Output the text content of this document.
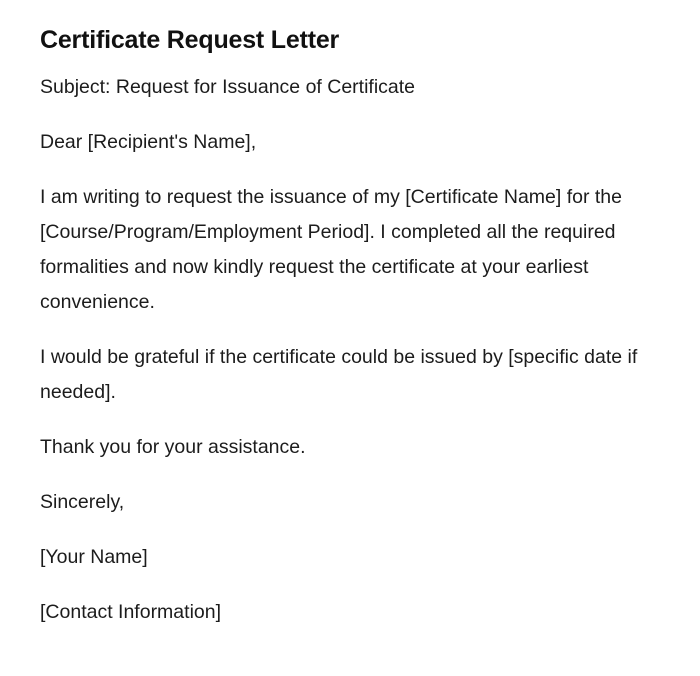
Certificate Request Letter

Subject: Request for Issuance of Certificate

Dear [Recipient's Name],

I am writing to request the issuance of my [Certificate Name] for the [Course/Program/Employment Period]. I completed all the required formalities and now kindly request the certificate at your earliest convenience.

I would be grateful if the certificate could be issued by [specific date if needed].

Thank you for your assistance.

Sincerely,

[Your Name]

[Contact Information]
